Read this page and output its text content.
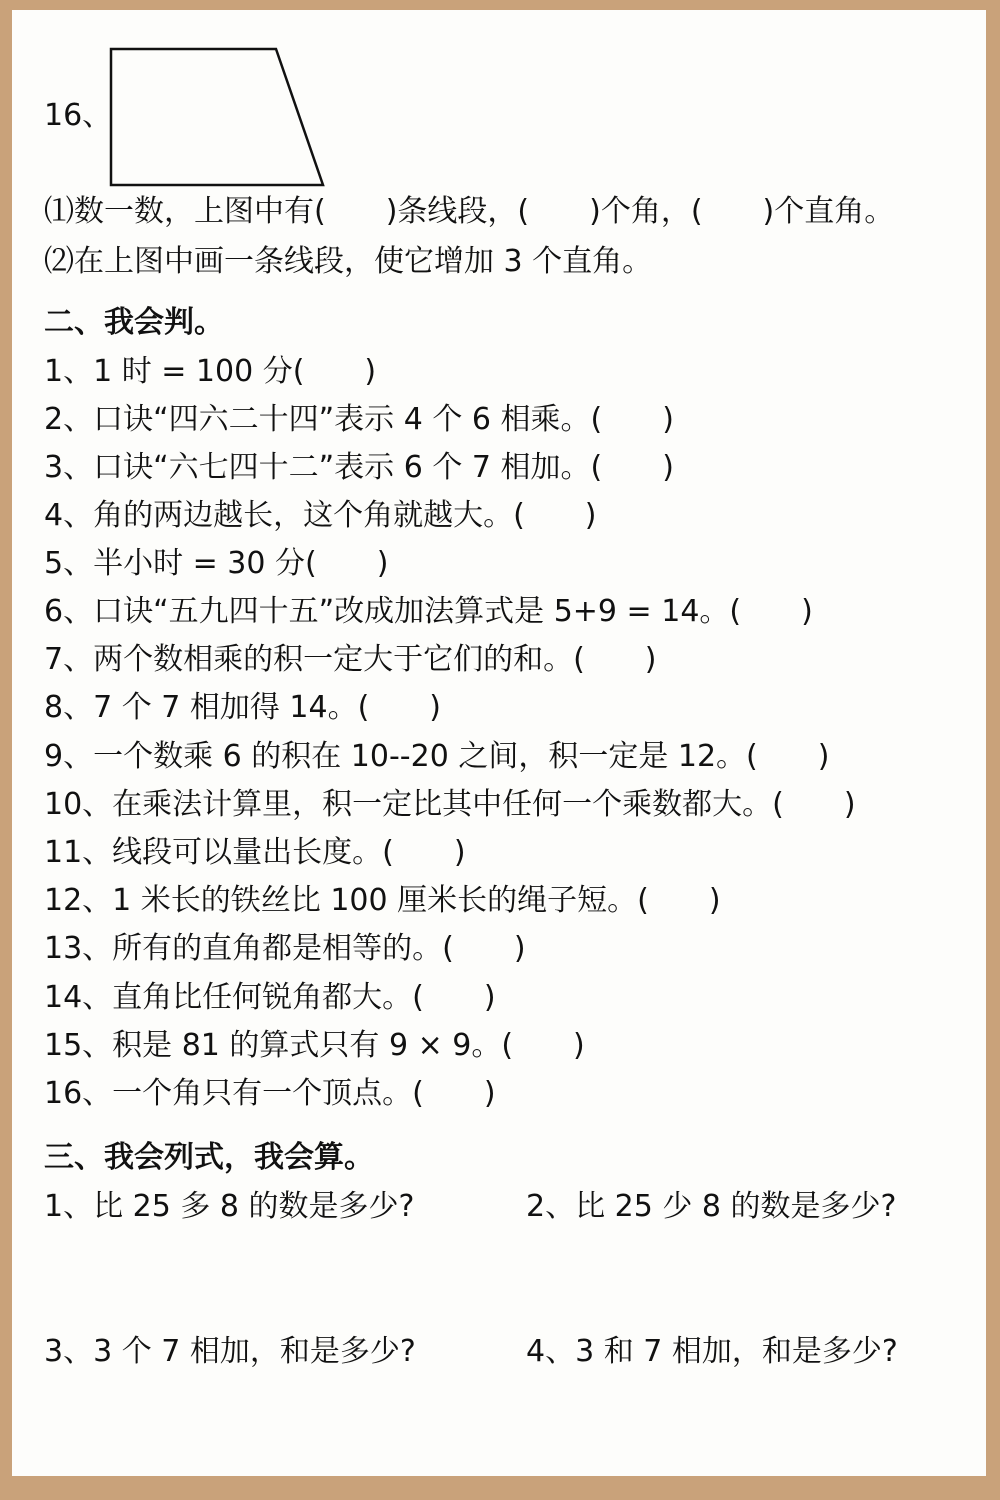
16、
⑴数一数，上图中有(　　)条线段，(　　)个角，(　　)个直角。
⑵在上图中画一条线段，使它增加 3 个直角。
二、我会判。
1、1 时 = 100 分(　　)
2、口诀“四六二十四”表示 4 个 6 相乘。(　　)
3、口诀“六七四十二”表示 6 个 7 相加。(　　)
4、角的两边越长，这个角就越大。(　　)
5、半小时 = 30 分(　　)
6、口诀“五九四十五”改成加法算式是 5+9 = 14。(　　)
7、两个数相乘的积一定大于它们的和。(　　)
8、7 个 7 相加得 14。(　　)
9、一个数乘 6 的积在 10--20 之间，积一定是 12。(　　)
10、在乘法计算里，积一定比其中任何一个乘数都大。(　　)
11、线段可以量出长度。(　　)
12、1 米长的铁丝比 100 厘米长的绳子短。(　　)
13、所有的直角都是相等的。(　　)
14、直角比任何锐角都大。(　　)
15、积是 81 的算式只有 9 × 9。(　　)
16、一个角只有一个顶点。(　　)
三、我会列式，我会算。
1、比 25 多 8 的数是多少?	2、比 25 少 8 的数是多少?
3、3 个 7 相加，和是多少?	4、3 和 7 相加，和是多少?
